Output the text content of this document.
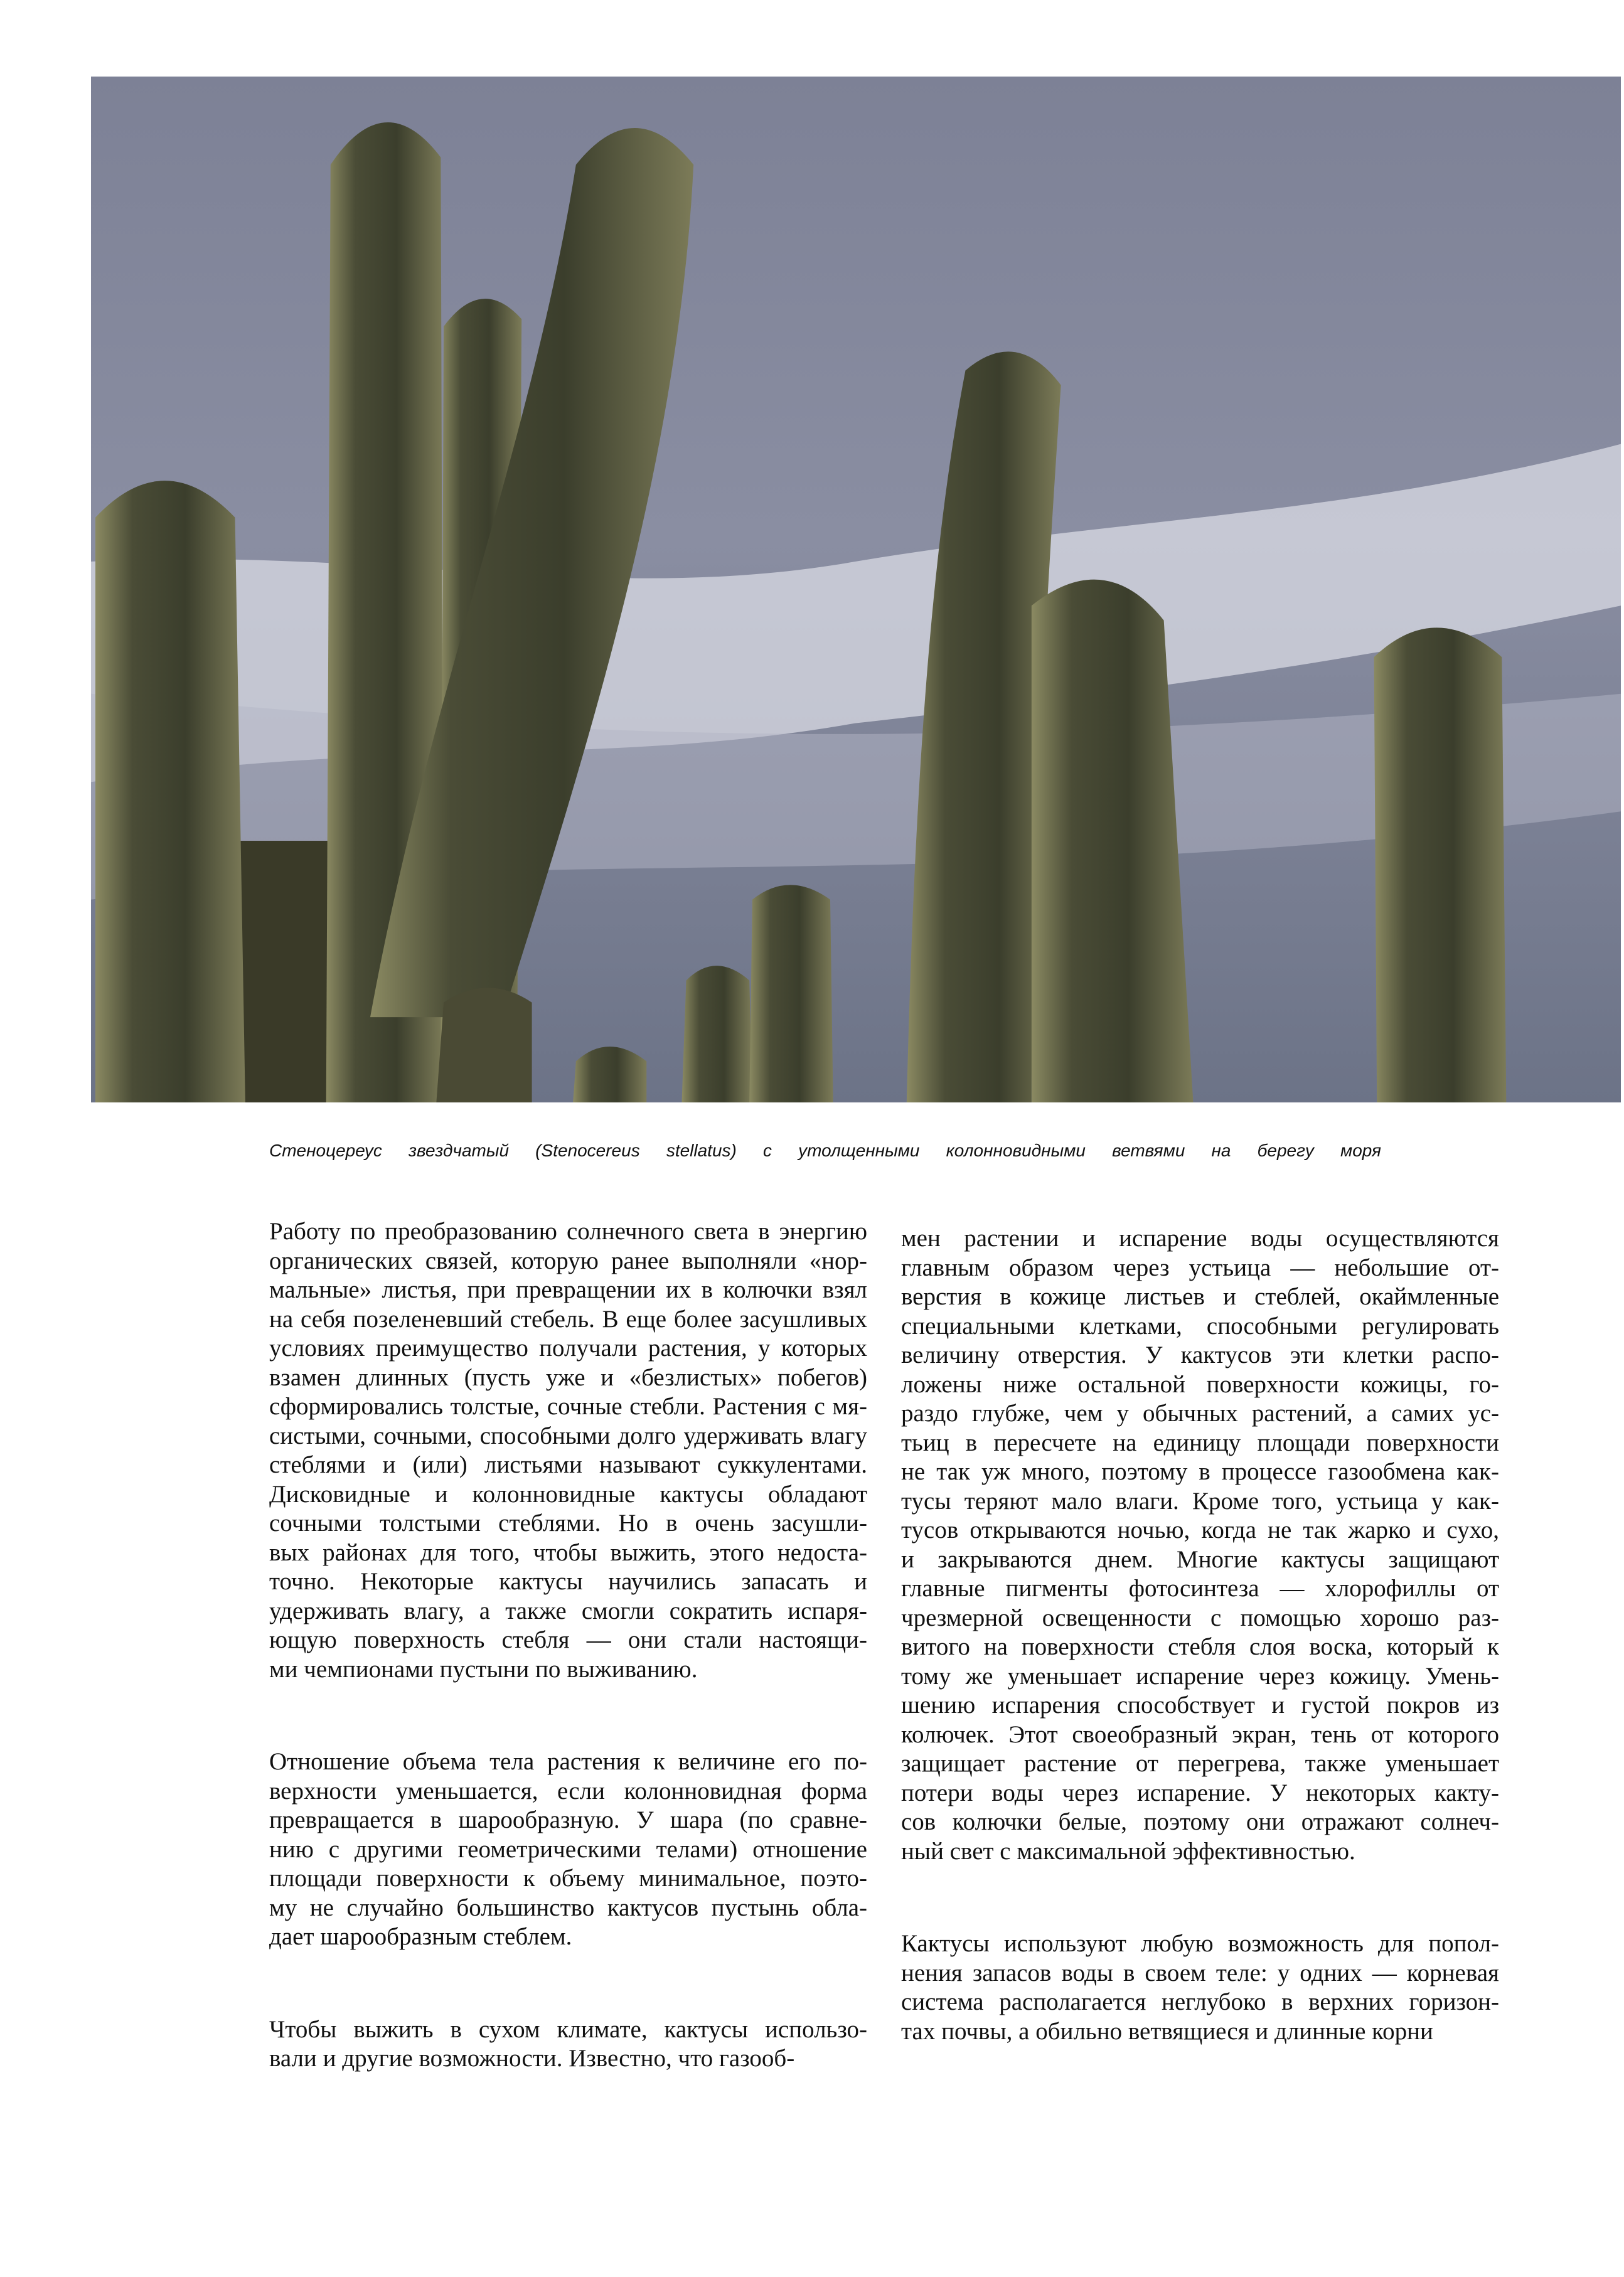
Стеноцереус звездчатый (Stenocereus stellatus) с утолщенными колонновидными ветвями на берегу моря
Работу по преобразованию солнечного света в энергию
органических связей, которую ранее выполняли «нор-
мальные» листья, при превращении их в колючки взял
на себя позеленевший стебель. В еще более засушливых
условиях преимущество получали растения, у которых
взамен длинных (пусть уже и «безлистых» побегов)
сформировались толстые, сочные стебли. Растения с мя-
систыми, сочными, способными долго удерживать влагу
стеблями и (или) листьями называют суккулентами.
Дисковидные и колонновидные кактусы обладают
сочными толстыми стеблями. Но в очень засушли-
вых районах для того, чтобы выжить, этого недоста-
точно. Некоторые кактусы научились запасать и
удерживать влагу, а также смогли сократить испаря-
ющую поверхность стебля — они стали настоящи-
ми чемпионами пустыни по выживанию.
Отношение объема тела растения к величине его по-
верхности уменьшается, если колонновидная форма
превращается в шарообразную. У шара (по сравне-
нию с другими геометрическими телами) отношение
площади поверхности к объему минимальное, поэто-
му не случайно большинство кактусов пустынь обла-
дает шарообразным стеблем.
Чтобы выжить в сухом климате, кактусы использо-
вали и другие возможности. Известно, что газооб-
мен растении и испарение воды осуществляются
главным образом через устьица — небольшие от-
верстия в кожице листьев и стеблей, окаймленные
специальными клетками, способными регулировать
величину отверстия. У кактусов эти клетки распо-
ложены ниже остальной поверхности кожицы, го-
раздо глубже, чем у обычных растений, а самих ус-
тьиц в пересчете на единицу площади поверхности
не так уж много, поэтому в процессе газообмена как-
тусы теряют мало влаги. Кроме того, устьица у как-
тусов открываются ночью, когда не так жарко и сухо,
и закрываются днем. Многие кактусы защищают
главные пигменты фотосинтеза — хлорофиллы от
чрезмерной освещенности с помощью хорошо раз-
витого на поверхности стебля слоя воска, который к
тому же уменьшает испарение через кожицу. Умень-
шению испарения способствует и густой покров из
колючек. Этот своеобразный экран, тень от которого
защищает растение от перегрева, также уменьшает
потери воды через испарение. У некоторых какту-
сов колючки белые, поэтому они отражают солнеч-
ный свет с максимальной эффективностью.
Кактусы используют любую возможность для попол-
нения запасов воды в своем теле: у одних — корневая
система располагается неглубоко в верхних горизон-
тах почвы, а обильно ветвящиеся и длинные корни
